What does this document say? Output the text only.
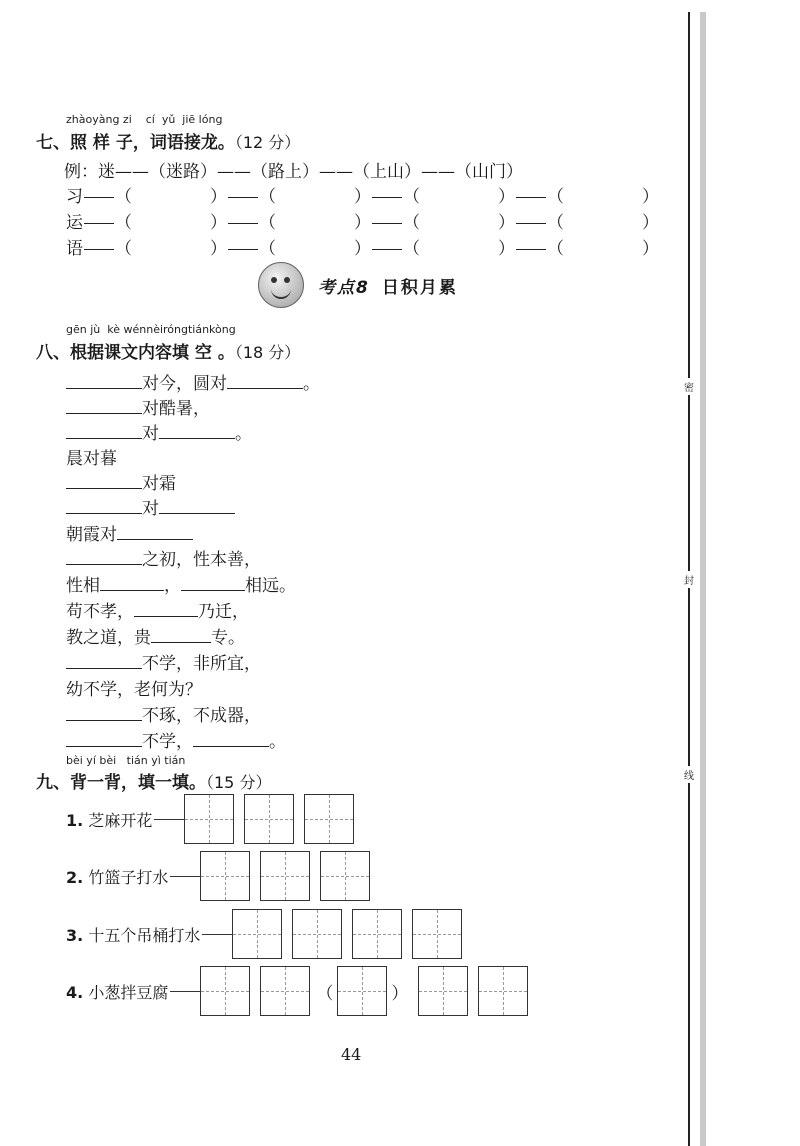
密
封
线
zhàoyàng zi    cí  yǔ  jiē lóng
七、照 样 子，词语接龙。（12 分）
例：迷——（迷路）——（路上）——（上山）——（山门）
习 （	） （	） （	） （	）
运 （	） （	） （	） （	）
语 （	） （	） （	） （	）
考点8 日积月累
gēn jù  kè wénnèiróngtiánkòng
八、根据课文内容填 空 。（18 分）
对今，圆对	。
对酷暑，
对	。
晨对暮
对霜
对
朝霞对
之初，性本善，
性相	，	相远。
苟不孝，	乃迁，
教之道，贵	专。
不学，非所宜，
幼不学，老何为？
不琢，不成器，
不学，	。
bèi yí bèi   tián yì tián
九、背一背，填一填。（15 分）
1. 芝麻开花
2. 竹篮子打水
3. 十五个吊桶打水
4. 小葱拌豆腐	（	）
44
